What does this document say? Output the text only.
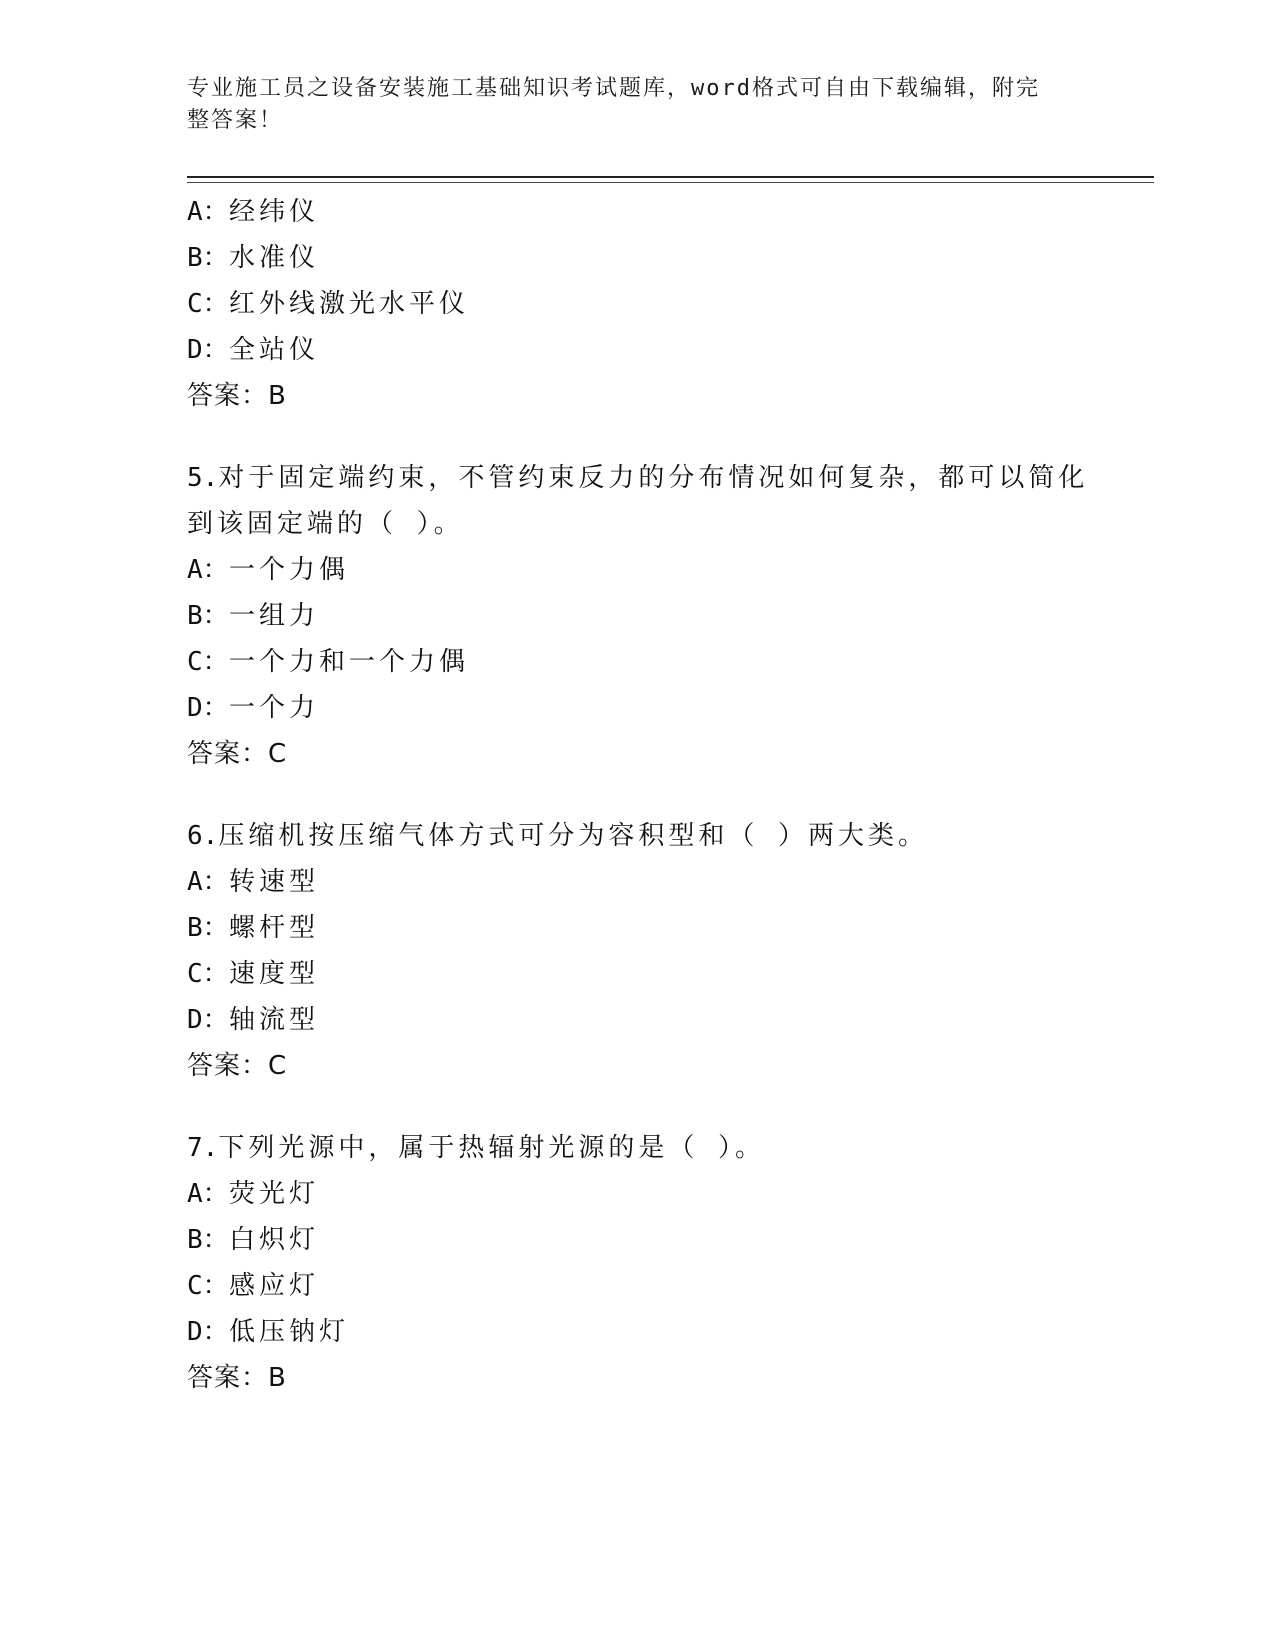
专业施工员之设备安装施工基础知识考试题库，word格式可自由下载编辑，附完
整答案！
A：经纬仪
B：水准仪
C：红外线激光水平仪
D：全站仪
答案：B
5.对于固定端约束，不管约束反力的分布情况如何复杂，都可以简化
到该固定端的（ ）。
A：一个力偶
B：一组力
C：一个力和一个力偶
D：一个力
答案：C
6.压缩机按压缩气体方式可分为容积型和（ ）两大类。
A：转速型
B：螺杆型
C：速度型
D：轴流型
答案：C
7.下列光源中，属于热辐射光源的是（ ）。
A：荧光灯
B：白炽灯
C：感应灯
D：低压钠灯
答案：B
